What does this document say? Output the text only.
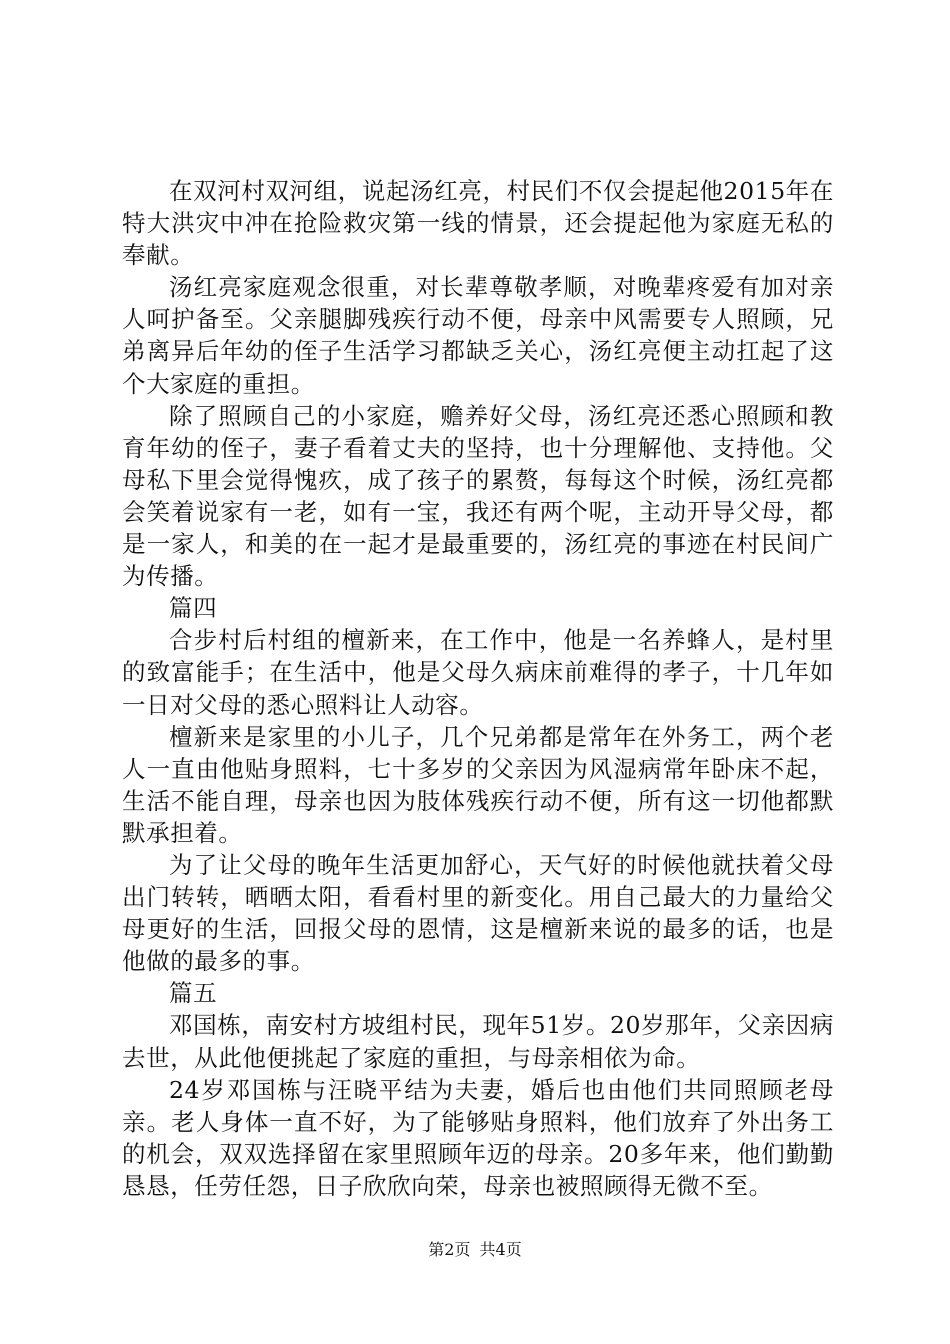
在双河村双河组，说起汤红亮，村民们不仅会提起他2015年在特大洪灾中冲在抢险救灾第一线的情景，还会提起他为家庭无私的奉献。

汤红亮家庭观念很重，对长辈尊敬孝顺，对晚辈疼爱有加对亲人呵护备至。父亲腿脚残疾行动不便，母亲中风需要专人照顾，兄弟离异后年幼的侄子生活学习都缺乏关心，汤红亮便主动扛起了这个大家庭的重担。

除了照顾自己的小家庭，赡养好父母，汤红亮还悉心照顾和教育年幼的侄子，妻子看着丈夫的坚持，也十分理解他、支持他。父母私下里会觉得愧疚，成了孩子的累赘，每每这个时候，汤红亮都会笑着说家有一老，如有一宝，我还有两个呢，主动开导父母，都是一家人，和美的在一起才是最重要的，汤红亮的事迹在村民间广为传播。

篇四

合步村后村组的檀新来，在工作中，他是一名养蜂人，是村里的致富能手；在生活中，他是父母久病床前难得的孝子，十几年如一日对父母的悉心照料让人动容。

檀新来是家里的小儿子，几个兄弟都是常年在外务工，两个老人一直由他贴身照料，七十多岁的父亲因为风湿病常年卧床不起，生活不能自理，母亲也因为肢体残疾行动不便，所有这一切他都默默承担着。

为了让父母的晚年生活更加舒心，天气好的时候他就扶着父母出门转转，晒晒太阳，看看村里的新变化。用自己最大的力量给父母更好的生活，回报父母的恩情，这是檀新来说的最多的话，也是他做的最多的事。

篇五

邓国栋，南安村方坡组村民，现年51岁。20岁那年，父亲因病去世，从此他便挑起了家庭的重担，与母亲相依为命。

24岁邓国栋与汪晓平结为夫妻，婚后也由他们共同照顾老母亲。老人身体一直不好，为了能够贴身照料，他们放弃了外出务工的机会，双双选择留在家里照顾年迈的母亲。20多年来，他们勤勤恳恳，任劳任怨，日子欣欣向荣，母亲也被照顾得无微不至。

第2页 共4页
